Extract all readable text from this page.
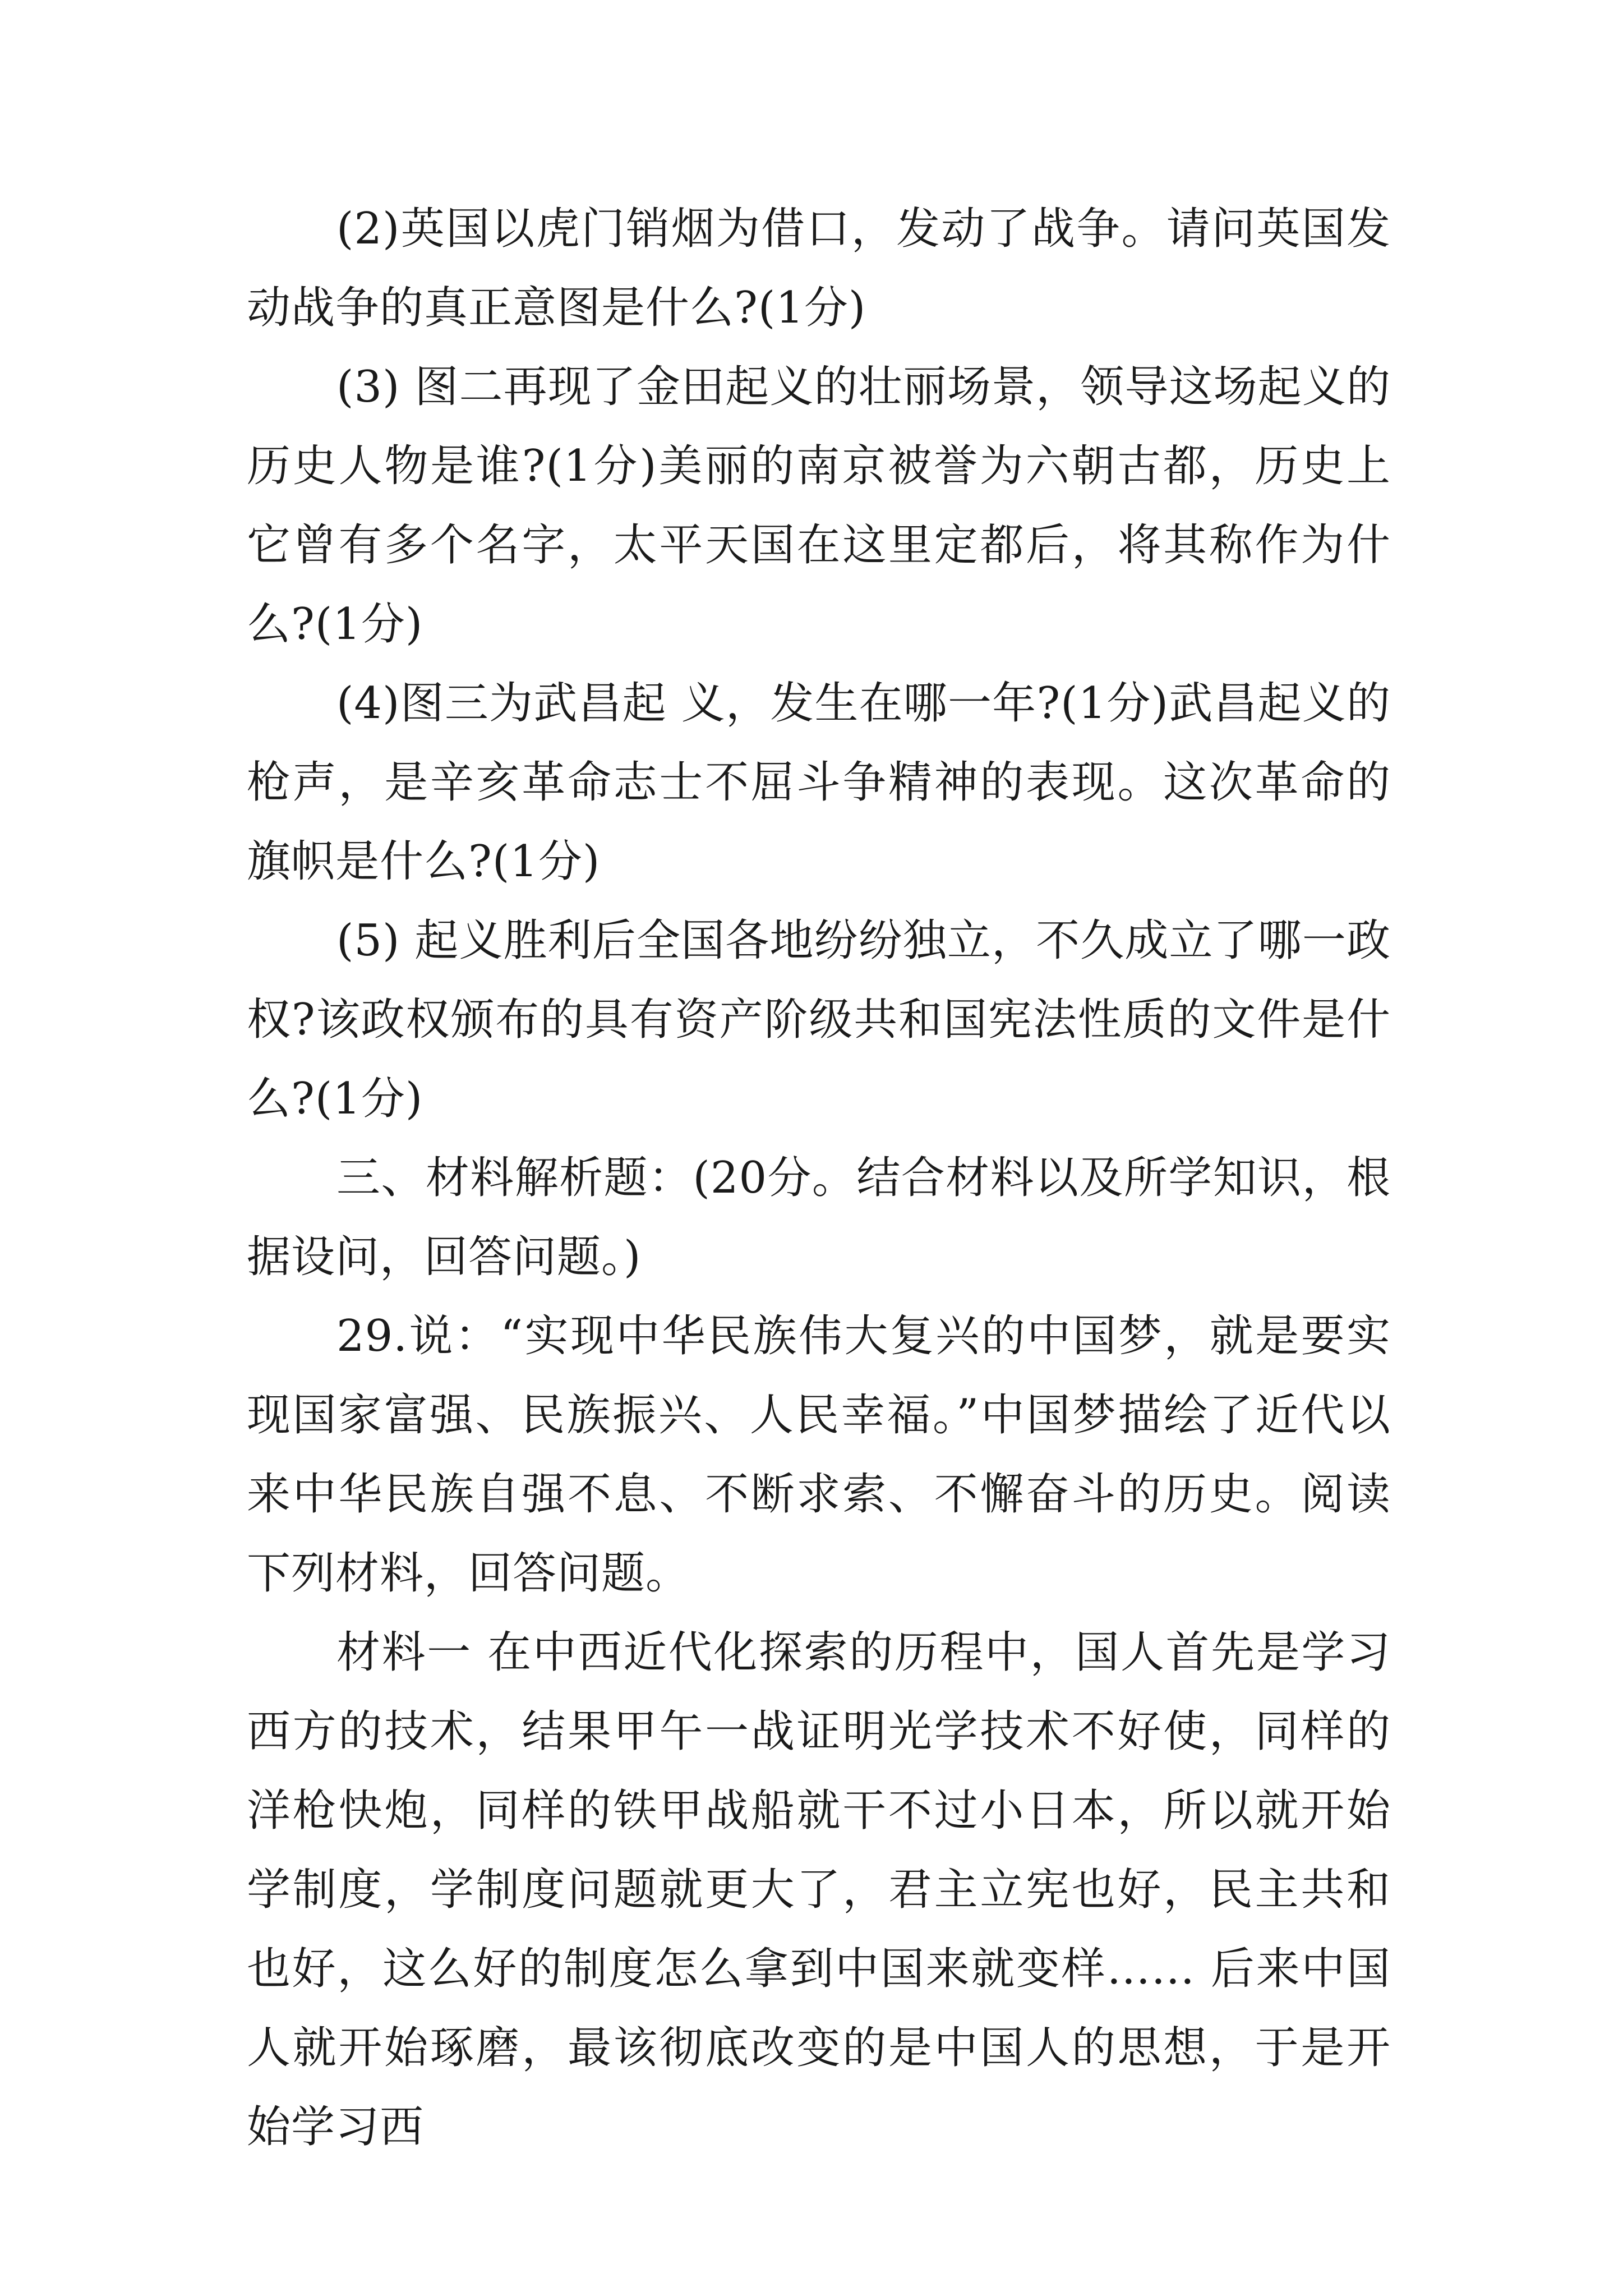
(2)英国以虎门销烟为借口，发动了战争。请问英国发动战争的真正意图是什么?(1分)

(3) 图二再现了金田起义的壮丽场景，领导这场起义的历史人物是谁?(1分)美丽的南京被誉为六朝古都，历史上它曾有多个名字，太平天国在这里定都后，将其称作为什么?(1分)

(4)图三为武昌起 义，发生在哪一年?(1分)武昌起义的枪声，是辛亥革命志士不屈斗争精神的表现。这次革命的旗帜是什么?(1分)

(5) 起义胜利后全国各地纷纷独立，不久成立了哪一政权?该政权颁布的具有资产阶级共和国宪法性质的文件是什么?(1分)

三、材料解析题：(20分。结合材料以及所学知识，根据设问，回答问题。)

29.说：“实现中华民族伟大复兴的中国梦，就是要实现国家富强、民族振兴、人民幸福。”中国梦描绘了近代以来中华民族自强不息、不断求索、不懈奋斗的历史。阅读下列材料，回答问题。

材料一 在中西近代化探索的历程中，国人首先是学习西方的技术，结果甲午一战证明光学技术不好使，同样的洋枪快炮，同样的铁甲战船就干不过小日本，所以就开始学制度，学制度问题就更大了，君主立宪也好，民主共和也好，这么好的制度怎么拿到中国来就变样…… 后来中国人就开始琢磨，最该彻底改变的是中国人的思想，于是开始学习西
